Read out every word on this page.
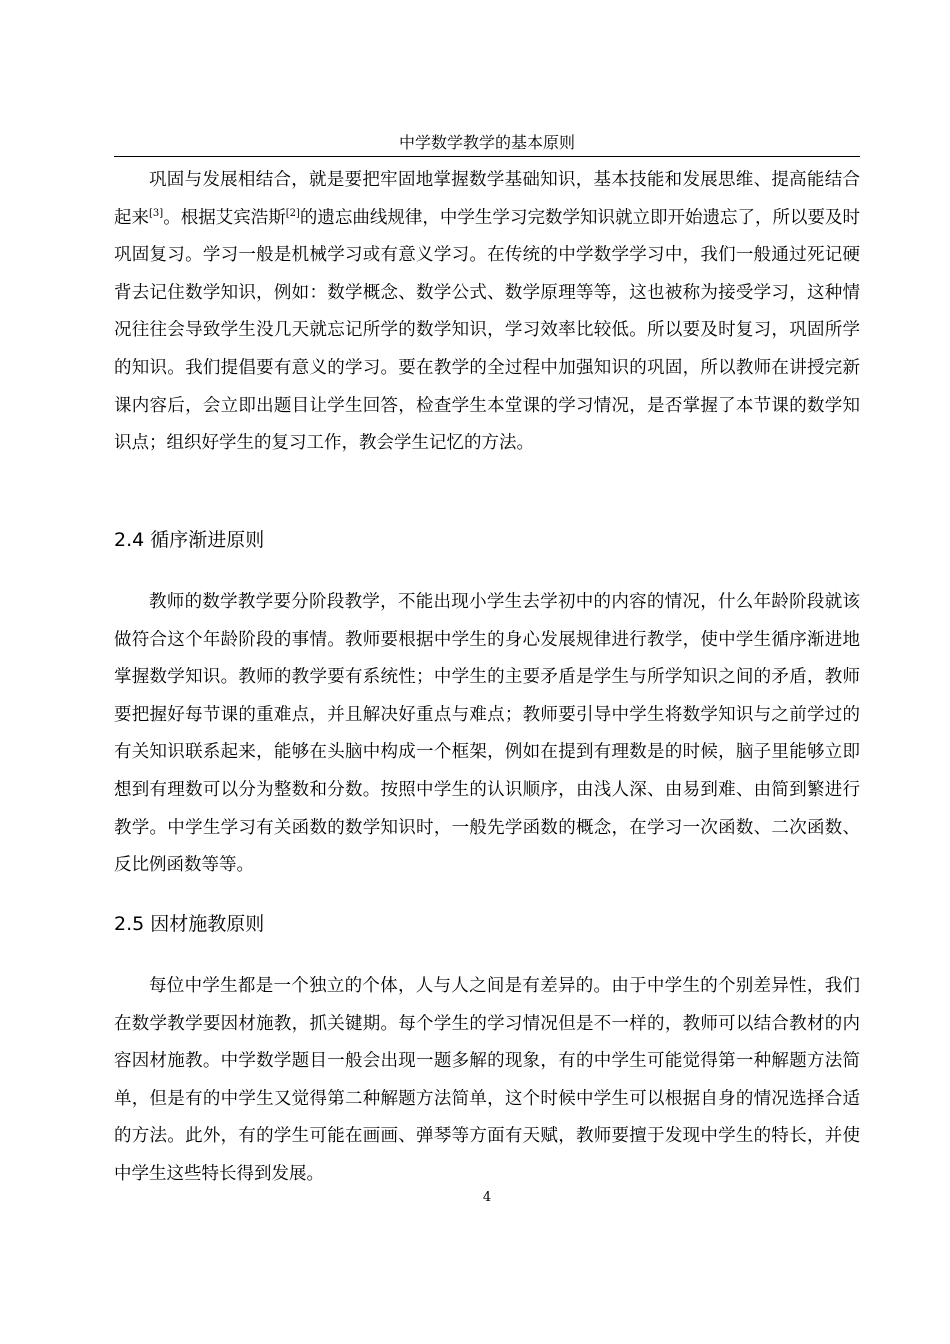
中学数学教学的基本原则

巩固与发展相结合，就是要把牢固地掌握数学基础知识，基本技能和发展思维、提高能结合起来[3]。根据艾宾浩斯[2]的遗忘曲线规律，中学生学习完数学知识就立即开始遗忘了，所以要及时巩固复习。学习一般是机械学习或有意义学习。在传统的中学数学学习中，我们一般通过死记硬背去记住数学知识，例如：数学概念、数学公式、数学原理等等，这也被称为接受学习，这种情况往往会导致学生没几天就忘记所学的数学知识，学习效率比较低。所以要及时复习，巩固所学的知识。我们提倡要有意义的学习。要在教学的全过程中加强知识的巩固，所以教师在讲授完新课内容后，会立即出题目让学生回答，检查学生本堂课的学习情况，是否掌握了本节课的数学知识点；组织好学生的复习工作，教会学生记忆的方法。

2.4 循序渐进原则

教师的数学教学要分阶段教学，不能出现小学生去学初中的内容的情况，什么年龄阶段就该做符合这个年龄阶段的事情。教师要根据中学生的身心发展规律进行教学，使中学生循序渐进地掌握数学知识。教师的教学要有系统性；中学生的主要矛盾是学生与所学知识之间的矛盾，教师要把握好每节课的重难点，并且解决好重点与难点；教师要引导中学生将数学知识与之前学过的有关知识联系起来，能够在头脑中构成一个框架，例如在提到有理数是的时候，脑子里能够立即想到有理数可以分为整数和分数。按照中学生的认识顺序，由浅人深、由易到难、由简到繁进行教学。中学生学习有关函数的数学知识时，一般先学函数的概念，在学习一次函数、二次函数、反比例函数等等。

2.5 因材施教原则

每位中学生都是一个独立的个体，人与人之间是有差异的。由于中学生的个别差异性，我们在数学教学要因材施教，抓关键期。每个学生的学习情况但是不一样的，教师可以结合教材的内容因材施教。中学数学题目一般会出现一题多解的现象，有的中学生可能觉得第一种解题方法简单，但是有的中学生又觉得第二种解题方法简单，这个时候中学生可以根据自身的情况选择合适的方法。此外，有的学生可能在画画、弹琴等方面有天赋，教师要擅于发现中学生的特长，并使中学生这些特长得到发展。

4
